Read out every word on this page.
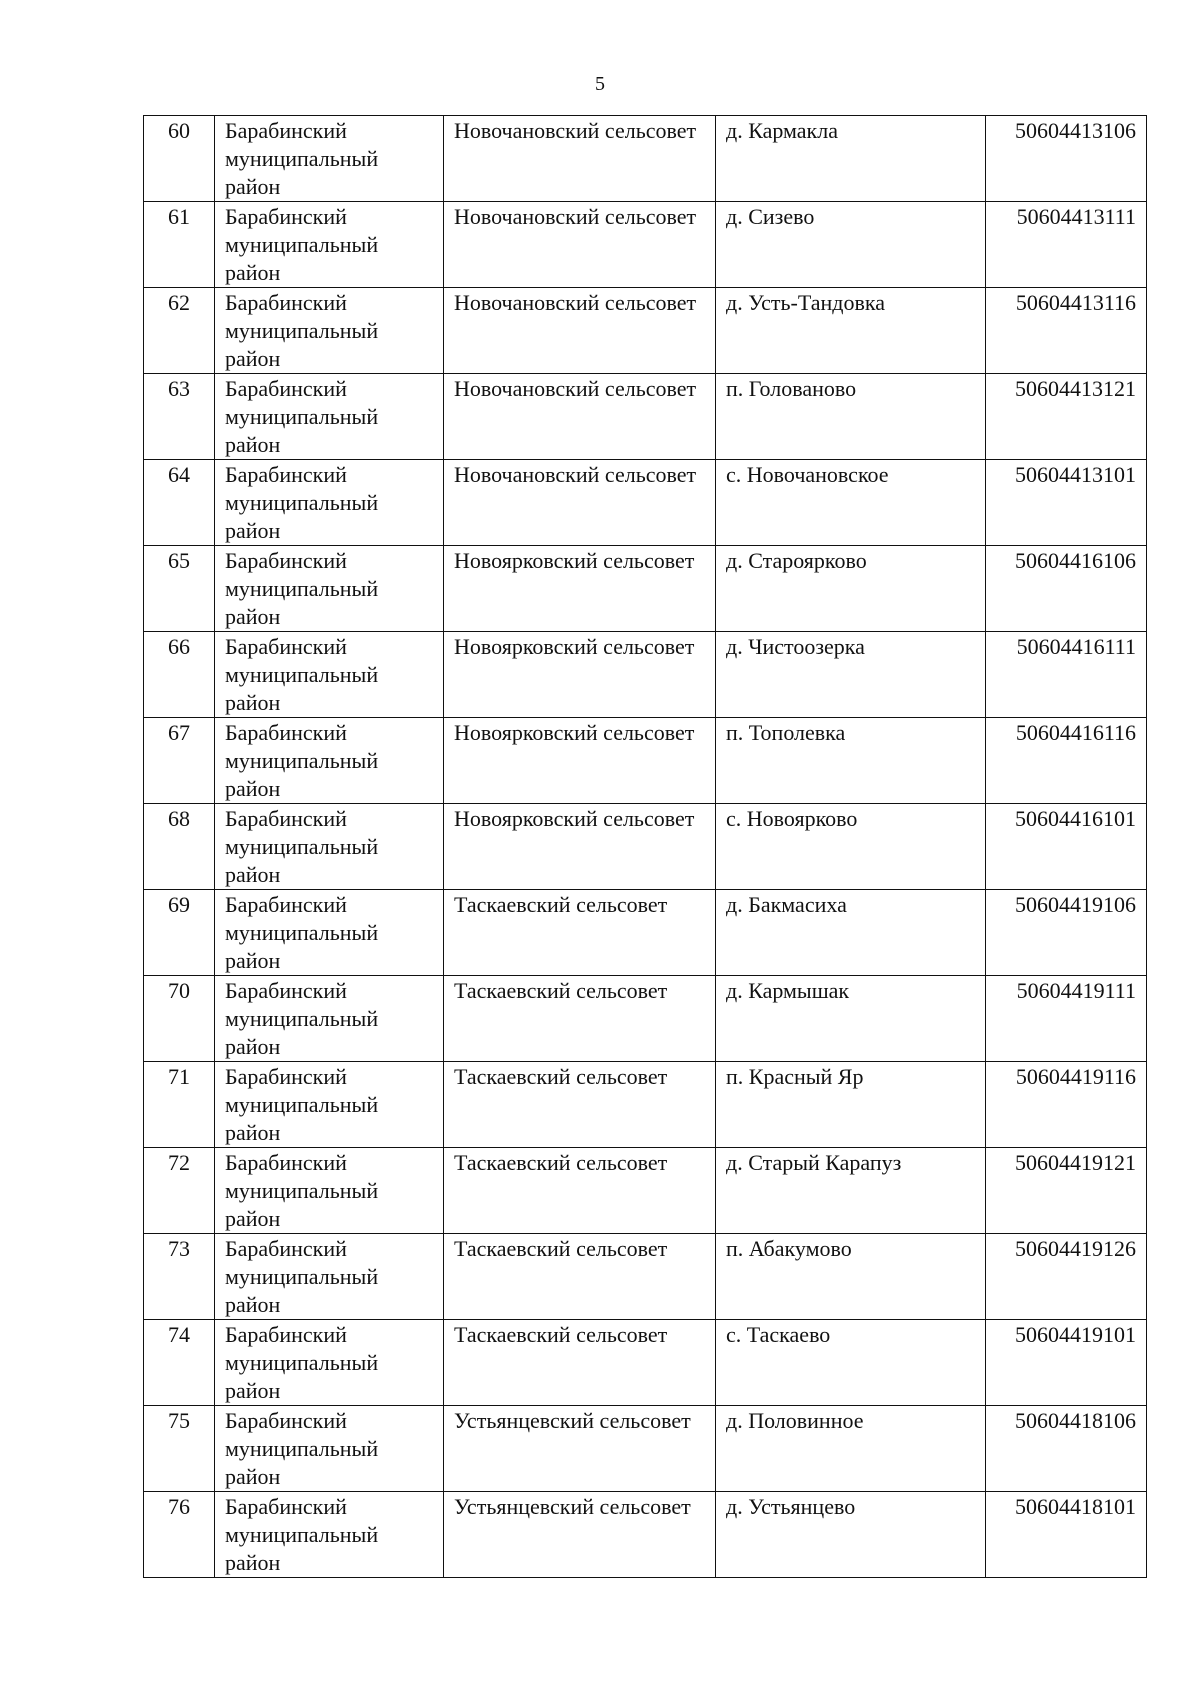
5
60	Барабинский муниципальный район	Новочановский сельсовет	д. Кармакла	50604413106
61	Барабинский муниципальный район	Новочановский сельсовет	д. Сизево	50604413111
62	Барабинский муниципальный район	Новочановский сельсовет	д. Усть-Тандовка	50604413116
63	Барабинский муниципальный район	Новочановский сельсовет	п. Голованово	50604413121
64	Барабинский муниципальный район	Новочановский сельсовет	с. Новочановское	50604413101
65	Барабинский муниципальный район	Новоярковский сельсовет	д. Староярково	50604416106
66	Барабинский муниципальный район	Новоярковский сельсовет	д. Чистоозерка	50604416111
67	Барабинский муниципальный район	Новоярковский сельсовет	п. Тополевка	50604416116
68	Барабинский муниципальный район	Новоярковский сельсовет	с. Новоярково	50604416101
69	Барабинский муниципальный район	Таскаевский сельсовет	д. Бакмасиха	50604419106
70	Барабинский муниципальный район	Таскаевский сельсовет	д. Кармышак	50604419111
71	Барабинский муниципальный район	Таскаевский сельсовет	п. Красный Яр	50604419116
72	Барабинский муниципальный район	Таскаевский сельсовет	д. Старый Карапуз	50604419121
73	Барабинский муниципальный район	Таскаевский сельсовет	п. Абакумово	50604419126
74	Барабинский муниципальный район	Таскаевский сельсовет	с. Таскаево	50604419101
75	Барабинский муниципальный район	Устьянцевский сельсовет	д. Половинное	50604418106
76	Барабинский муниципальный район	Устьянцевский сельсовет	д. Устьянцево	50604418101
